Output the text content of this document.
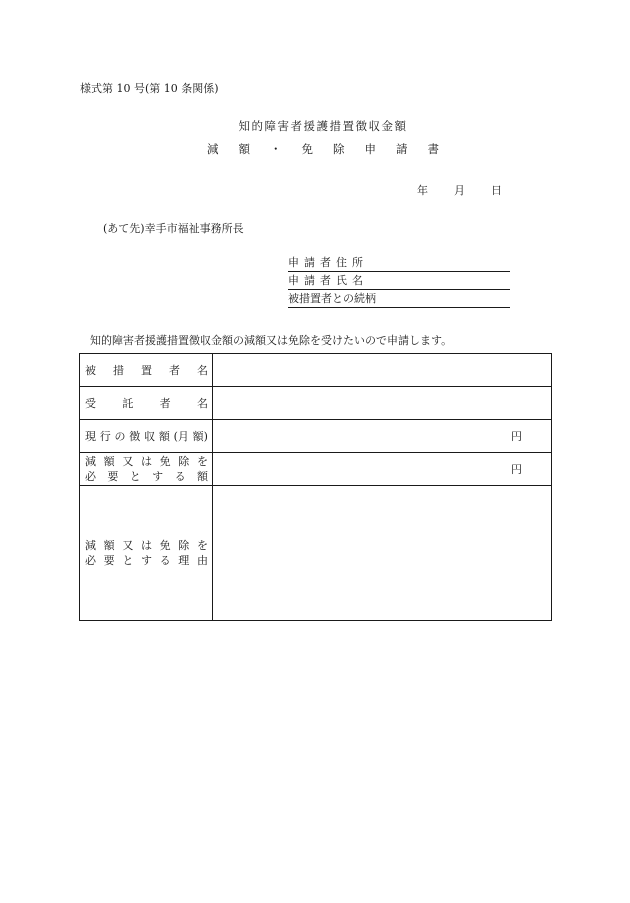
様式第 10 号(第 10 条関係)
知的障害者援護措置徴収金額
減 額 ・ 免 除 申 請 書
年 月 日
(あて先)幸手市福祉事務所長
申請者住所
申請者氏名
被措置者との続柄
知的障害者援護措置徴収金額の減額又は免除を受けたいので申請します。
被 措 置 者 名
受 託 者 名
現 行 の 徴 収 額 (月 額)	円
減 額 又 は 免 除 を
必 要 と す る 額
円
減 額 又 は 免 除 を
必 要 と す る 理 由
